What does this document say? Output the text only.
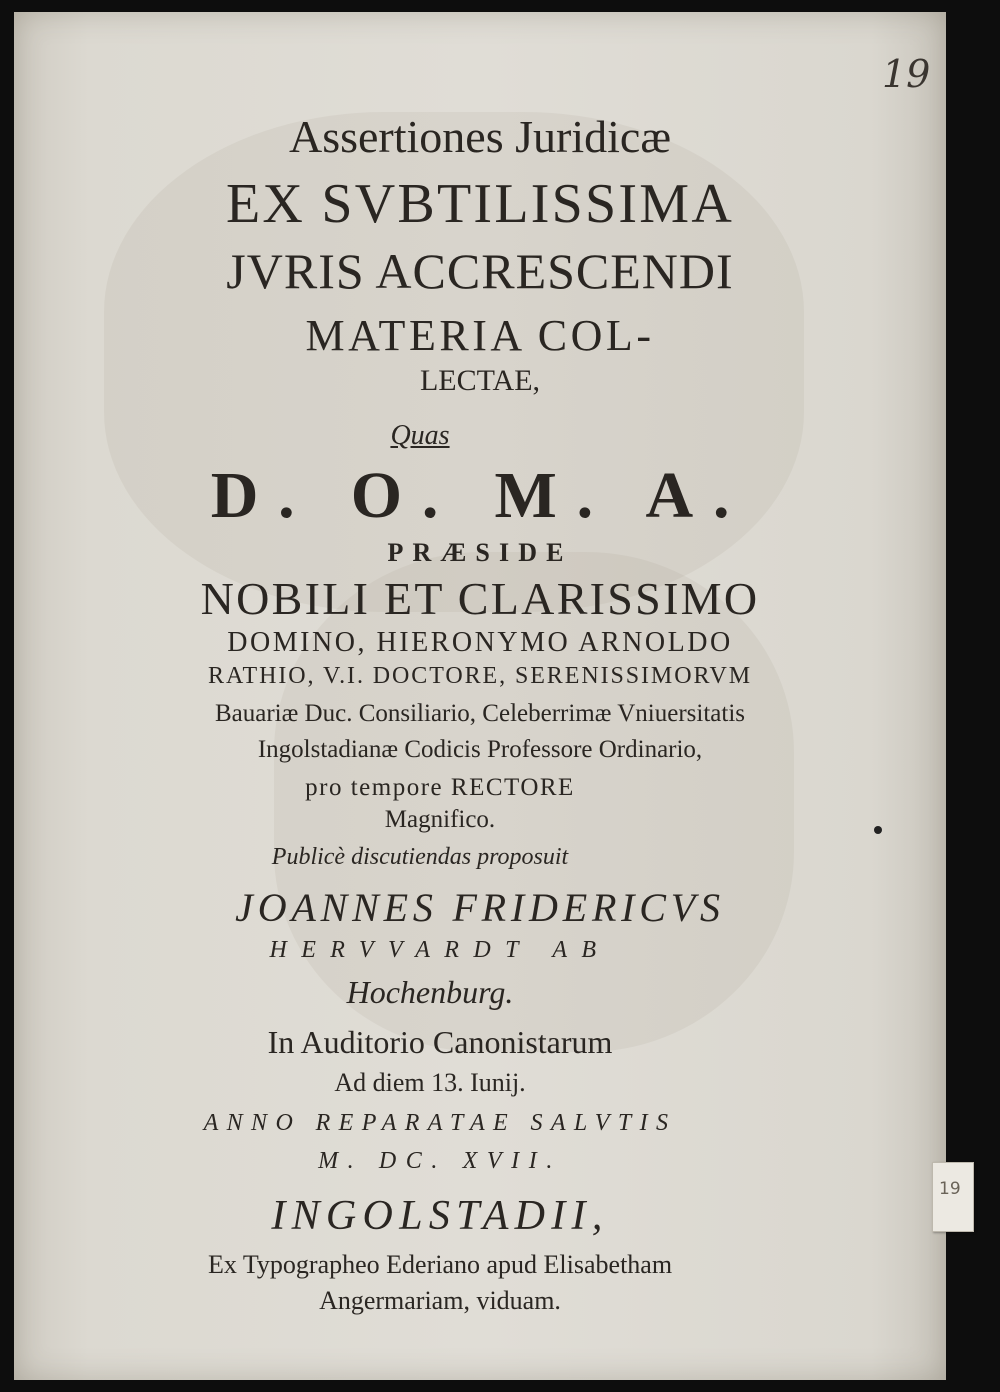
19
Assertiones Juridicæ
EX SVBTILISSIMA
JVRIS ACCRESCENDI
MATERIA COL-
LECTAE,
Quas
D. O. M. A.
PRÆSIDE
NOBILI ET CLARISSIMO
DOMINO, HIERONYMO ARNOLDO
RATHIO, V.I. DOCTORE, SERENISSIMORVM
Bauariæ Duc. Consiliario, Celeberrimæ Vniuersitatis
Ingolstadianæ Codicis Professore Ordinario,
pro tempore RECTORE
Magnifico.
Publicè discutiendas proposuit
JOANNES FRIDERICVS
HERVVARDT AB
Hochenburg.
In Auditorio Canonistarum
Ad diem 13. Iunij.
ANNO REPARATAE SALVTIS
M. DC. XVII.
INGOLSTADII,
Ex Typographeo Ederiano apud Elisabetham
Angermariam, viduam.
19
